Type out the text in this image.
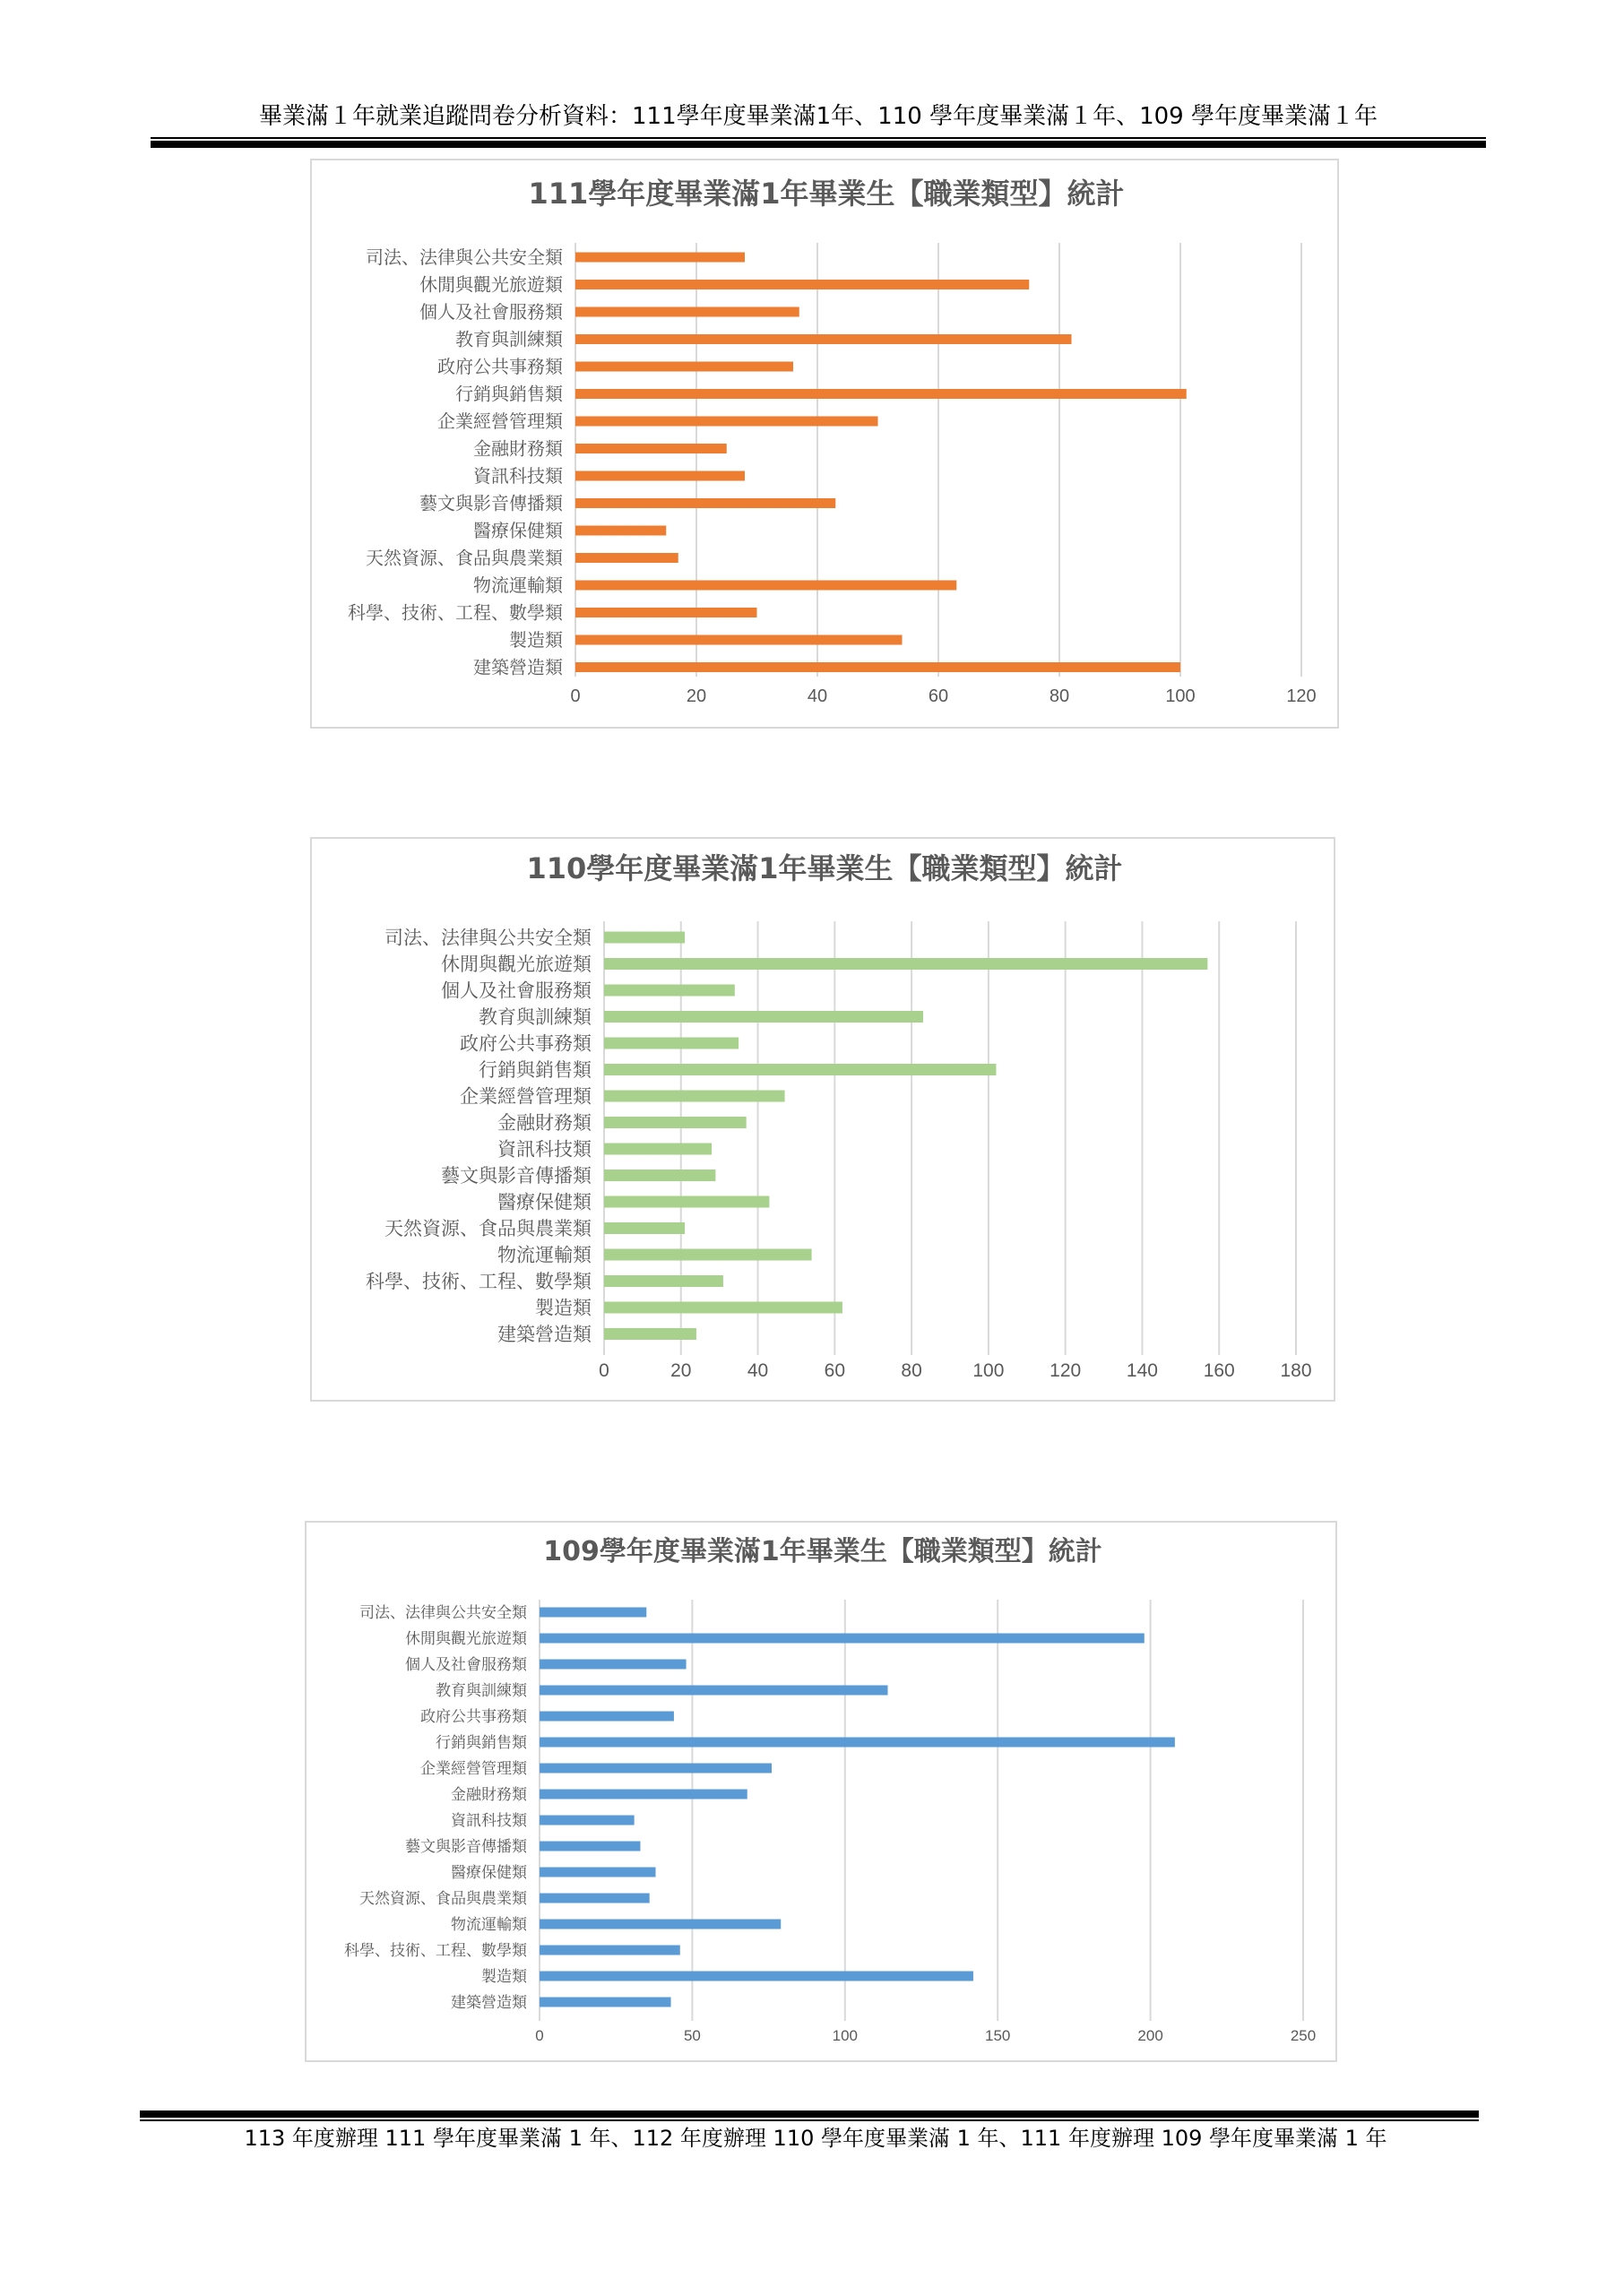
畢業滿１年就業追蹤問卷分析資料：111學年度畢業滿1年、110 學年度畢業滿１年、109 學年度畢業滿１年
111學年度畢業滿1年畢業生【職業類型】統計
0	20	40	60	80	100	120
司法、法律與公共安全類
休閒與觀光旅遊類
個人及社會服務類
教育與訓練類
政府公共事務類
行銷與銷售類
企業經營管理類
金融財務類
資訊科技類
藝文與影音傳播類
醫療保健類
天然資源、食品與農業類
物流運輸類
科學、技術、工程、數學類
製造類
建築營造類
110學年度畢業滿1年畢業生【職業類型】統計
0	20	40	60	80	100 120 140 160 180
司法、法律與公共安全類
休閒與觀光旅遊類
個人及社會服務類
教育與訓練類
政府公共事務類
行銷與銷售類
企業經營管理類
金融財務類
資訊科技類
藝文與影音傳播類
醫療保健類
天然資源、食品與農業類
物流運輸類
科學、技術、工程、數學類
製造類
建築營造類
109學年度畢業滿1年畢業生【職業類型】統計
0	50	100	150	200	250
司法、法律與公共安全類
休閒與觀光旅遊類
個人及社會服務類
教育與訓練類
政府公共事務類
行銷與銷售類
企業經營管理類
金融財務類
資訊科技類
藝文與影音傳播類
醫療保健類
天然資源、食品與農業類
物流運輸類
科學、技術、工程、數學類
製造類
建築營造類
113 年度辦理 111 學年度畢業滿 1 年、112 年度辦理 110 學年度畢業滿 1 年、111 年度辦理 109 學年度畢業滿 1 年
